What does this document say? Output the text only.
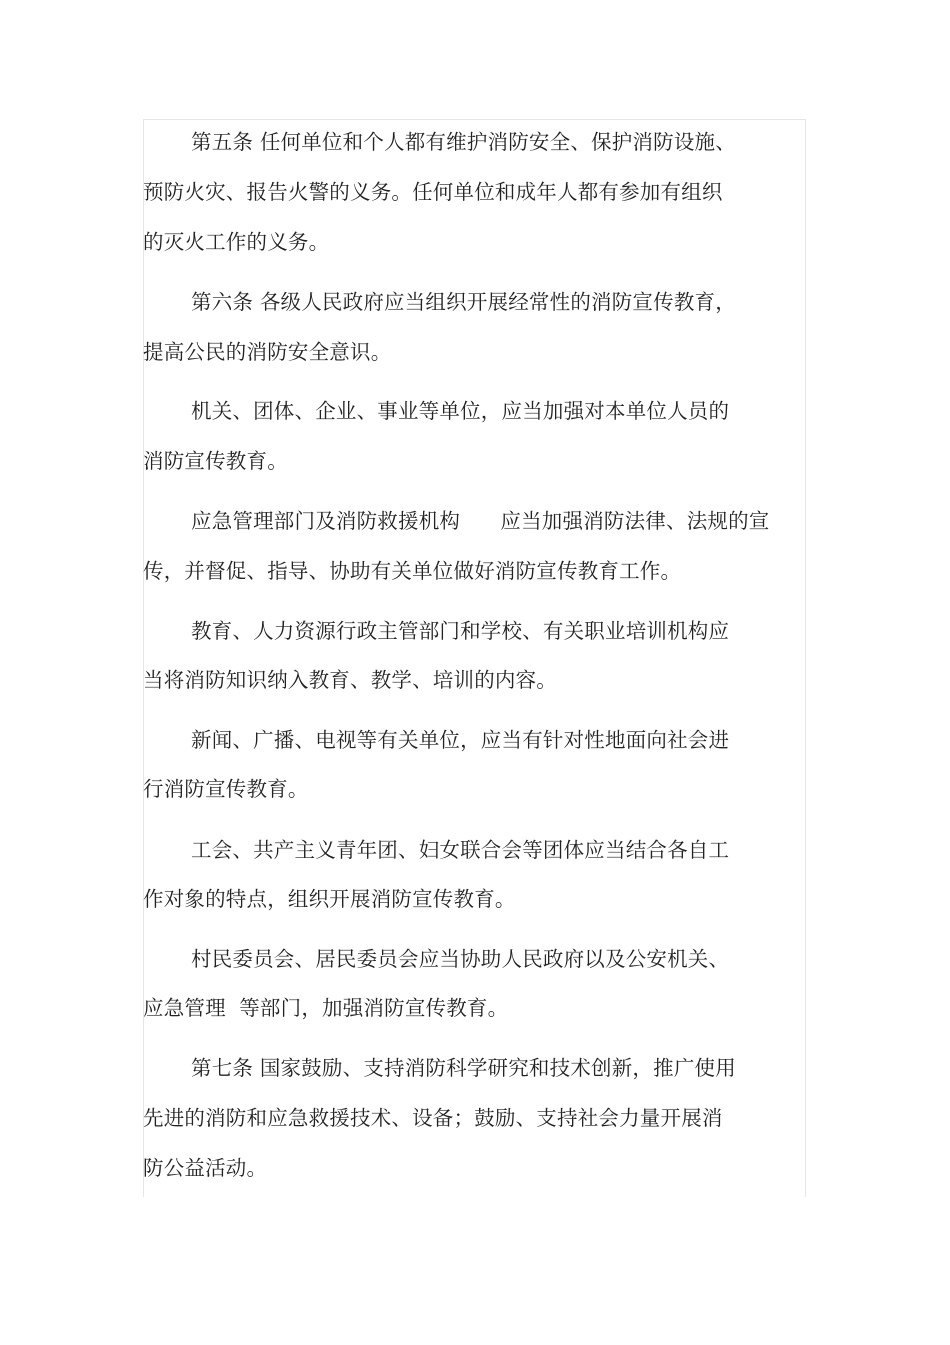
第五条 任何单位和个人都有维护消防安全、保护消防设施、
预防火灾、报告火警的义务。任何单位和成年人都有参加有组织
的灭火工作的义务。
第六条 各级人民政府应当组织开展经常性的消防宣传教育，
提高公民的消防安全意识。
机关、团体、企业、事业等单位，应当加强对本单位人员的
消防宣传教育。
应急管理部门及消防救援机构      应当加强消防法律、法规的宣
传，并督促、指导、协助有关单位做好消防宣传教育工作。
教育、人力资源行政主管部门和学校、有关职业培训机构应
当将消防知识纳入教育、教学、培训的内容。
新闻、广播、电视等有关单位，应当有针对性地面向社会进
行消防宣传教育。
工会、共产主义青年团、妇女联合会等团体应当结合各自工
作对象的特点，组织开展消防宣传教育。
村民委员会、居民委员会应当协助人民政府以及公安机关、
应急管理  等部门，加强消防宣传教育。
第七条 国家鼓励、支持消防科学研究和技术创新，推广使用
先进的消防和应急救援技术、设备；鼓励、支持社会力量开展消
防公益活动。
